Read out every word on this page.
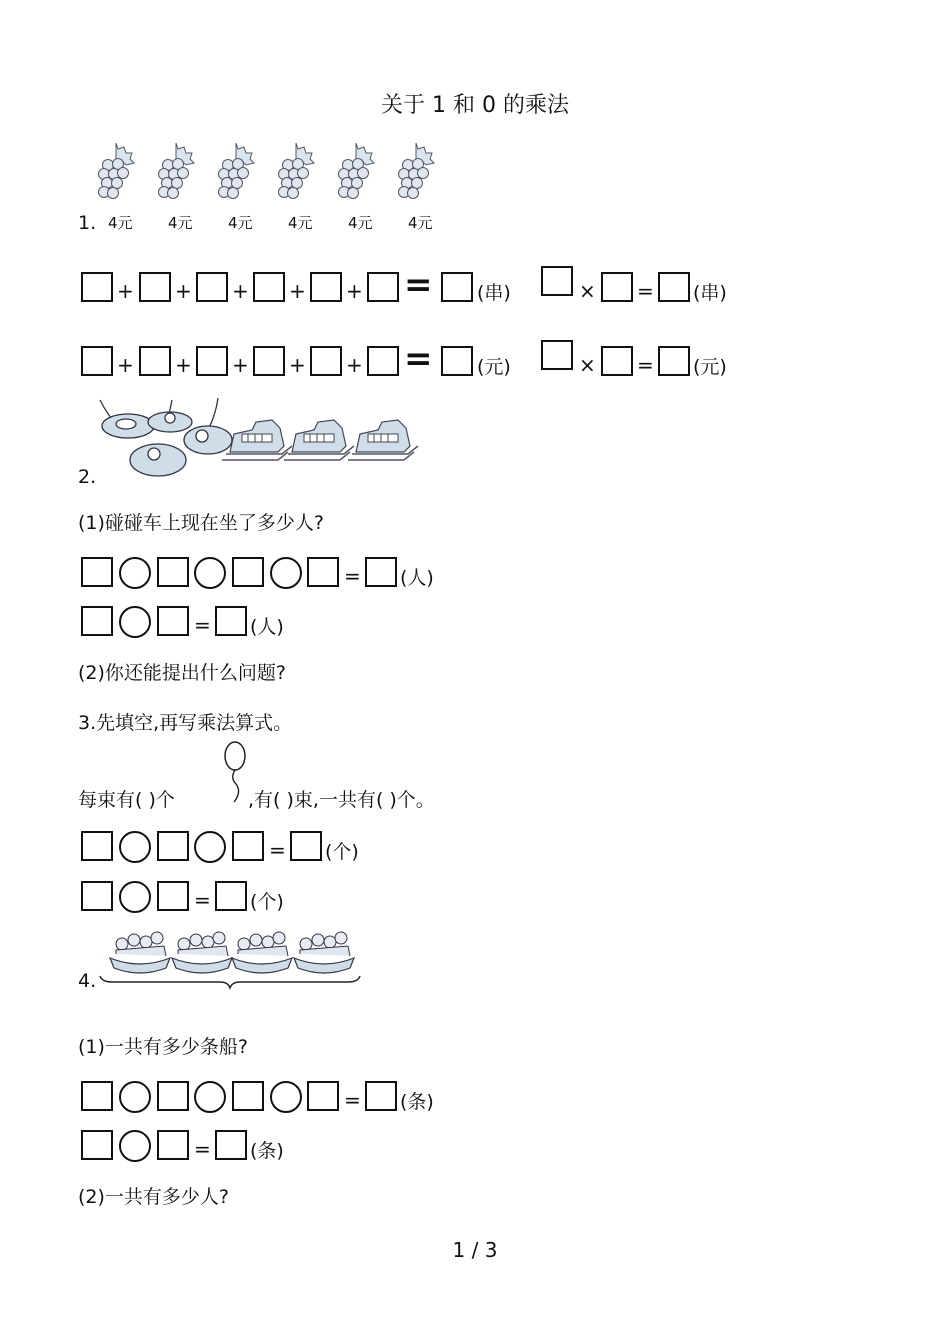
关于 1 和 0 的乘法
1. 4元 4元 4元 4元 4元 4元
+ + + + + = (串)	× = (串)
+ + + + + = (元)	× = (元)
2.
(1)碰碰车上现在坐了多少人?
= (人)
= (人)
(2)你还能提出什么问题?
3.先填空,再写乘法算式。
每束有( )个	,有( )束,一共有( )个。
= (个)
= (个)
4.
(1)一共有多少条船?
= (条)
= (条)
(2)一共有多少人?
1 / 3
